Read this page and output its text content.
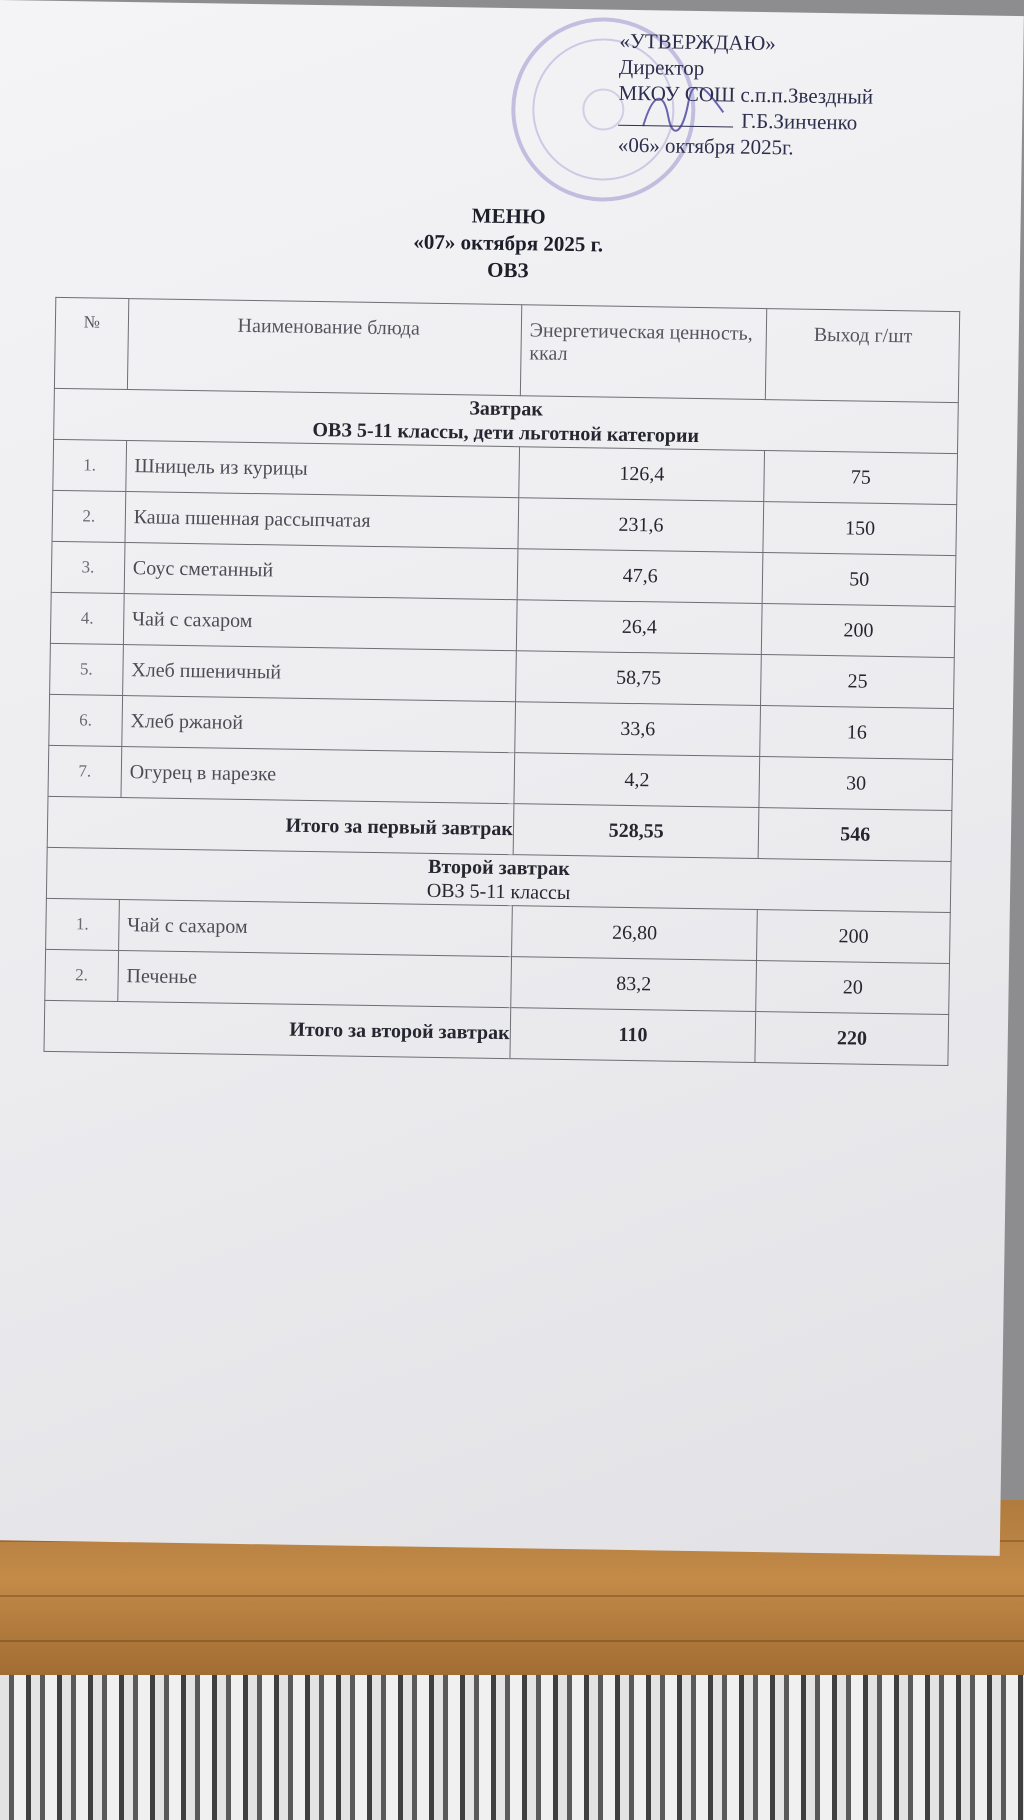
«УТВЕРЖДАЮ»
Директор
МКОУ СОШ с.п.п.Звездный
Г.Б.Зинченко
«06» октября 2025г.
МЕНЮ
«07» октября 2025 г.
ОВЗ
№	Наименование блюда	Энергетическая ценность, ккал	Выход г/шт

Завтрак
ОВЗ 5-11 классы, дети льготной категории			

1.	Шницель из курицы	126,4	75
2.	Каша пшенная рассыпчатая	231,6	150
3.	Соус сметанный	47,6	50
4.	Чай с сахаром	26,4	200
5.	Хлеб пшеничный	58,75	25
6.	Хлеб ржаной	33,6	16
7.	Огурец в нарезке	4,2	30
Итого за первый завтрак		528,55	546

Второй завтрак
ОВЗ 5-11 классы			

1.	Чай с сахаром	26,80	200
2.	Печенье	83,2	20
Итого за второй завтрак		110	220
